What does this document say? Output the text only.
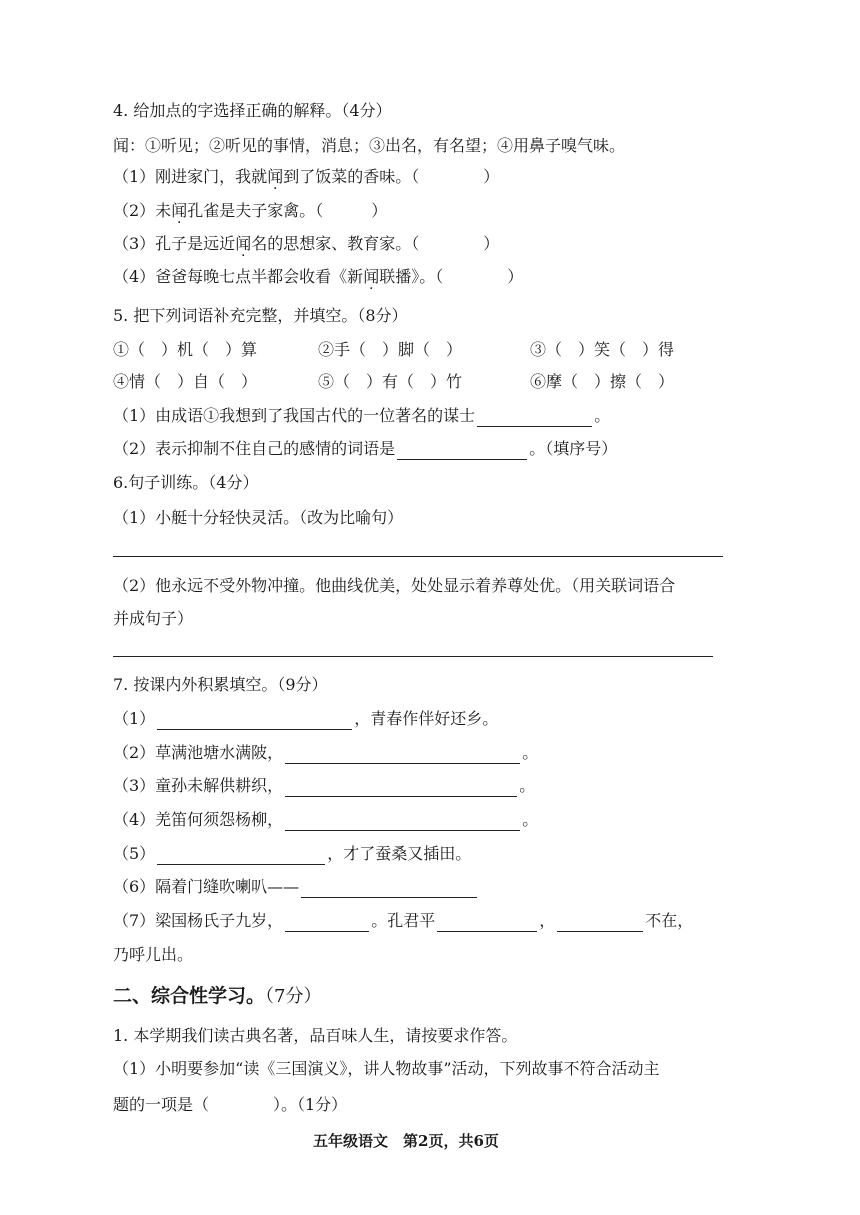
4. 给加点的字选择正确的解释。（4分）
闻：①听见；②听见的事情，消息；③出名，有名望；④用鼻子嗅气味。
（1）刚进家门，我就闻到了饭菜的香味。（　　　　）
（2）未闻孔雀是夫子家禽。（　　　）
（3）孔子是远近闻名的思想家、教育家。（　　　　）
（4）爸爸每晚七点半都会收看《新闻联播》。（　　　　）
5. 把下列词语补充完整，并填空。（8分）
①（　）机（　）算	②手（　）脚（　）	③（　）笑（　）得
④情（　）自（　）	⑤（　）有（　）竹	⑥摩（　）擦（　）
（1）由成语①我想到了我国古代的一位著名的谋士	。
（2）表示抑制不住自己的感情的词语是	。（填序号）
6.句子训练。（4分）
（1）小艇十分轻快灵活。（改为比喻句）
（2）他永远不受外物冲撞。他曲线优美，处处显示着养尊处优。（用关联词语合
并成句子）
7. 按课内外积累填空。（9分）
（1）	，青春作伴好还乡。
（2）草满池塘水满陂，	。
（3）童孙未解供耕织，	。
（4）羌笛何须怨杨柳，	。
（5）	，才了蚕桑又插田。
（6）隔着门缝吹喇叭——
（7）梁国杨氏子九岁，	。孔君平	，	不在，
乃呼儿出。
二、综合性学习。（7分）
1. 本学期我们读古典名著，品百味人生，请按要求作答。
（1）小明要参加“读《三国演义》，讲人物故事”活动，下列故事不符合活动主
题的一项是（　　　　）。（1分）
五年级语文　第2页，共6页
